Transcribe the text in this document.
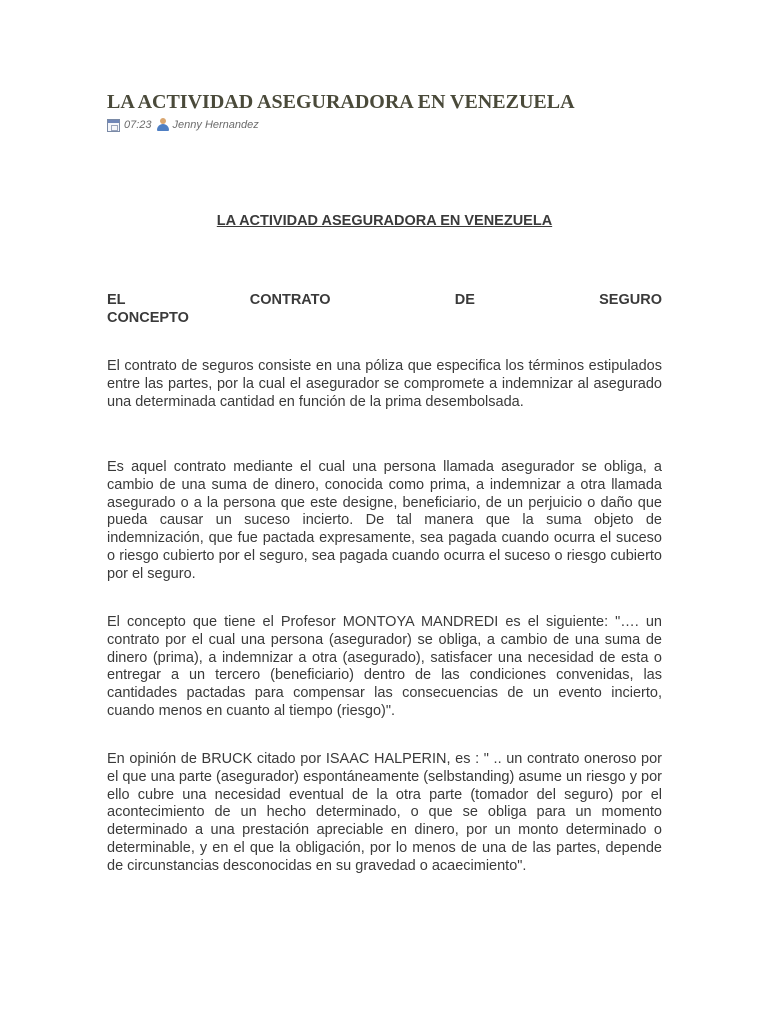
LA ACTIVIDAD ASEGURADORA EN VENEZUELA
07:23 Jenny Hernandez
LA ACTIVIDAD ASEGURADORA EN VENEZUELA
EL	CONTRATO	DE	SEGURO
CONCEPTO

El contrato de seguros consiste en una póliza que especifica los términos estipulados entre las partes, por la cual el asegurador se compromete a indemnizar al asegurado una determinada cantidad en función de la prima desembolsada.

Es aquel contrato mediante el cual una persona llamada asegurador se obliga, a cambio de una suma de dinero, conocida como prima, a indemnizar a otra llamada asegurado o a la persona que este designe, beneficiario, de un perjuicio o daño que pueda causar un suceso incierto. De tal manera que la suma objeto de indemnización, que fue pactada expresamente, sea pagada cuando ocurra el suceso o riesgo cubierto por el seguro, sea pagada cuando ocurra el suceso o riesgo cubierto por el seguro.

El concepto que tiene el Profesor MONTOYA MANDREDI es el siguiente: "…. un contrato por el cual una persona (asegurador) se obliga, a cambio de una suma de dinero (prima), a indemnizar a otra (asegurado), satisfacer una necesidad de esta o entregar a un tercero (beneficiario) dentro de las condiciones convenidas, las cantidades pactadas para compensar las consecuencias de un evento incierto, cuando menos en cuanto al tiempo (riesgo)".

En opinión de BRUCK citado por ISAAC HALPERIN, es : " .. un contrato oneroso por el que una parte (asegurador) espontáneamente (selbstanding) asume un riesgo y por ello cubre una necesidad eventual de la otra parte (tomador del seguro) por el acontecimiento de un hecho determinado, o que se obliga para un momento determinado a una prestación apreciable en dinero, por un monto determinado o determinable, y en el que la obligación, por lo menos de una de las partes, depende de circunstancias desconocidas en su gravedad o acaecimiento".
